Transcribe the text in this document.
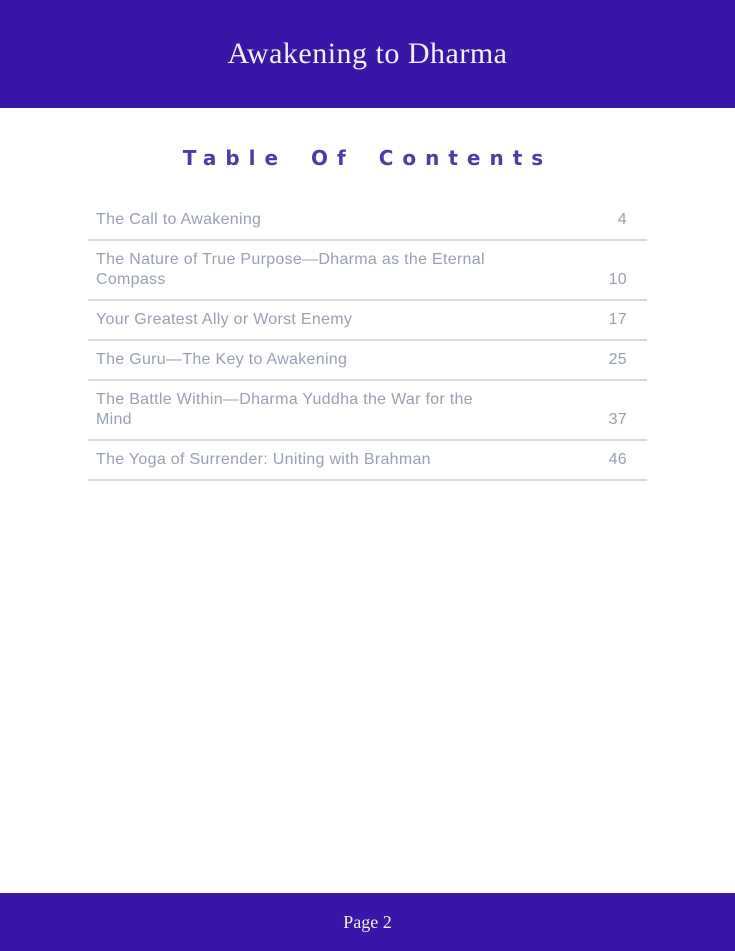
Awakening to Dharma
Table Of Contents
The Call to Awakening	4
The Nature of True Purpose—Dharma as the Eternal Compass	10
Your Greatest Ally or Worst Enemy	17
The Guru—The Key to Awakening	25
The Battle Within—Dharma Yuddha the War for the Mind	37
The Yoga of Surrender: Uniting with Brahman	46
Page 2
